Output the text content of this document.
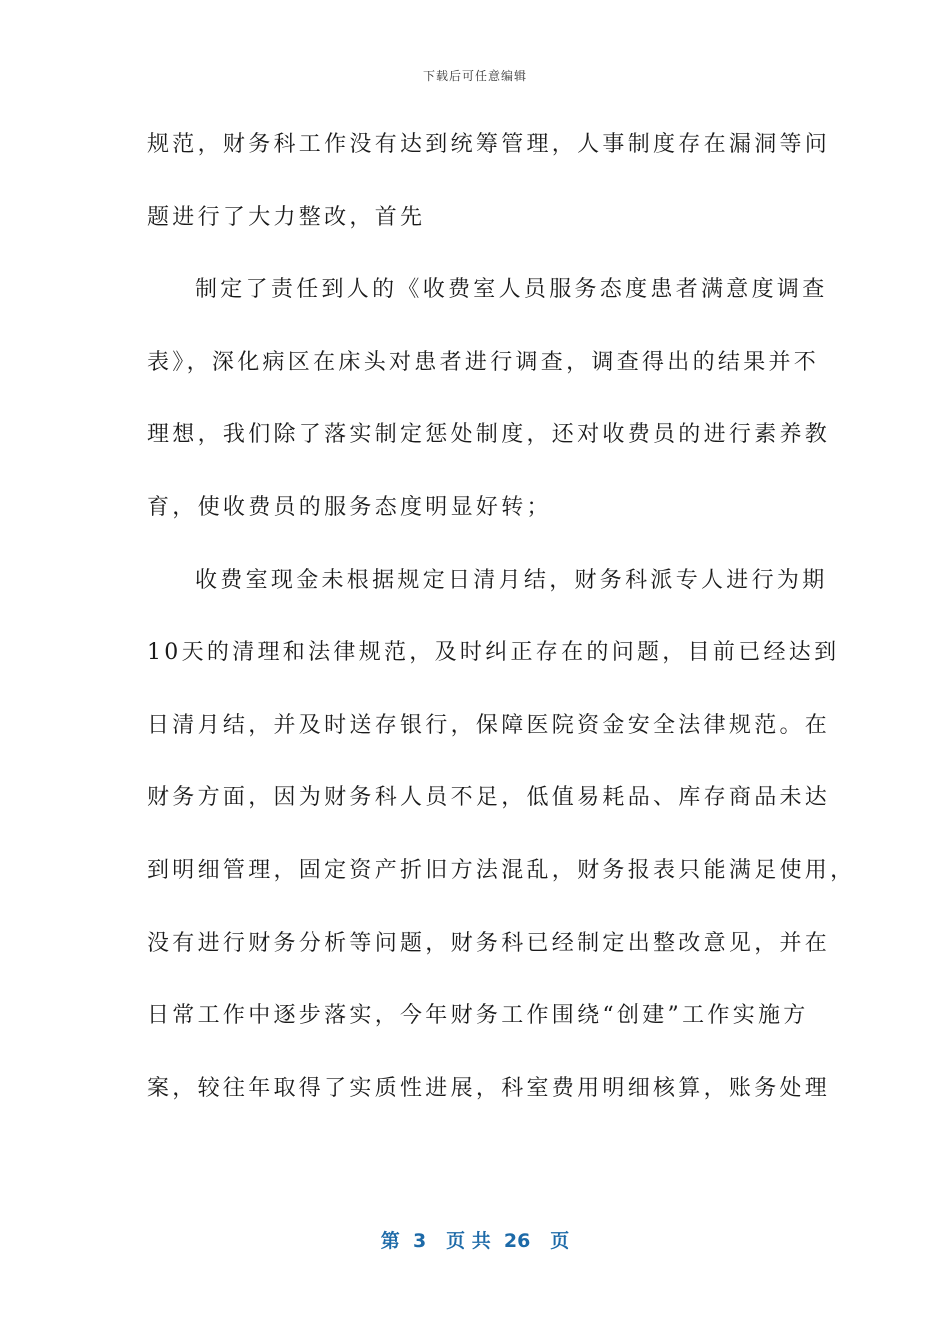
下载后可任意编辑
规范，财务科工作没有达到统筹管理，人事制度存在漏洞等问
题进行了大力整改，首先
制定了责任到人的《收费室人员服务态度患者满意度调查
表》，深化病区在床头对患者进行调查，调查得出的结果并不
理想，我们除了落实制定惩处制度，还对收费员的进行素养教
育，使收费员的服务态度明显好转；
收费室现金未根据规定日清月结，财务科派专人进行为期
10天的清理和法律规范，及时纠正存在的问题，目前已经达到
日清月结，并及时送存银行，保障医院资金安全法律规范。在
财务方面，因为财务科人员不足，低值易耗品、库存商品未达
到明细管理，固定资产折旧方法混乱，财务报表只能满足使用，
没有进行财务分析等问题，财务科已经制定出整改意见，并在
日常工作中逐步落实，今年财务工作围绕“创建”工作实施方
案，较往年取得了实质性进展，科室费用明细核算，账务处理
第  3   页 共  26   页
